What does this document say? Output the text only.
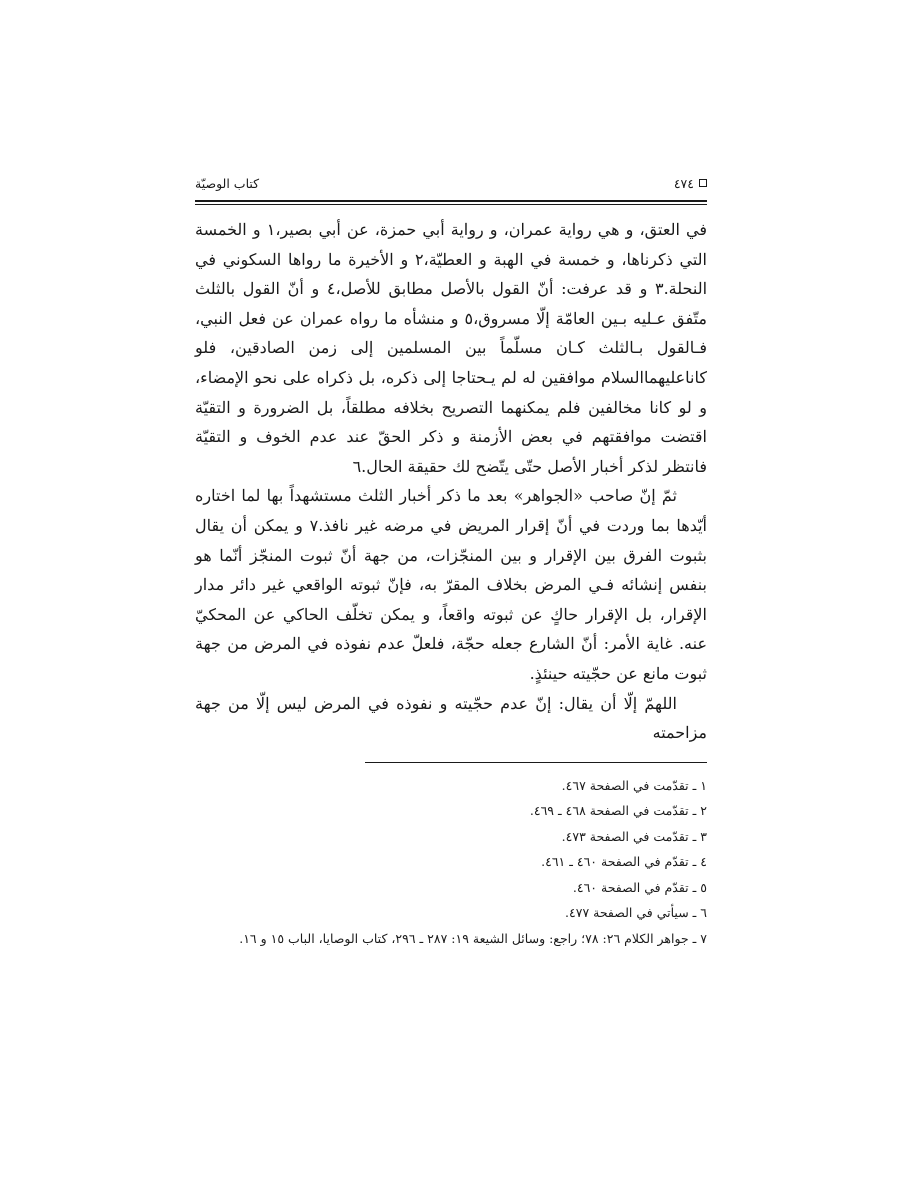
٤٧٤
كتاب الوصيّة

في العتق، و هي رواية عمران، و رواية أبي حمزة، عن أبي بصير،١ و الخمسة التي ذكرناها، و خمسة في الهبة و العطيّة،٢ و الأخيرة ما رواها السكوني في النحلة.٣ و قد عرفت: أنّ القول بالأصل مطابق للأصل،٤ و أنّ القول بالثلث متّفق عـليه بـين العامّة إلّا مسروق،٥ و منشأه ما رواه عمران عن فعل النبي، فـالقول بـالثلث كـان مسلّماً بين المسلمين إلى زمن الصادقين، فلو كاناعليهماالسلام موافقين له لم يـحتاجا إلى ذكره، بل ذكراه على نحو الإمضاء، و لو كانا مخالفين فلم يمكنهما التصريح بخلافه مطلقاً، بل الضرورة و التقيّة اقتضت موافقتهم في بعض الأزمنة و ذكر الحقّ عند عدم الخوف و التقيّة فانتظر لذكر أخبار الأصل حتّى يتّضح لك حقيقة الحال.٦

ثمّ إنّ صاحب «الجواهر» بعد ما ذكر أخبار الثلث مستشهداً بها لما اختاره أيّدها بما وردت في أنّ إقرار المريض في مرضه غير نافذ.٧ و يمكن أن يقال بثبوت الفرق بين الإقرار و بين المنجّزات، من جهة أنّ ثبوت المنجّز أنّما هو بنفس إنشائه فـي المرض بخلاف المقرّ به، فإنّ ثبوته الواقعي غير دائر مدار الإقرار، بل الإقرار حاكٍ عن ثبوته واقعاً، و يمكن تخلّف الحاكي عن المحكيّ عنه. غاية الأمر: أنّ الشارع جعله حجّة، فلعلّ عدم نفوذه في المرض من جهة ثبوت مانع عن حجّيته حينئذٍ.

اللهمّ إلّا أن يقال: إنّ عدم حجّيته و نفوذه في المرض ليس إلّا من جهة مزاحمته

١ ـ تقدّمت في الصفحة ٤٦٧.

٢ ـ تقدّمت في الصفحة ٤٦٨ ـ ٤٦٩.

٣ ـ تقدّمت في الصفحة ٤٧٣.

٤ ـ تقدّم في الصفحة ٤٦٠ ـ ٤٦١.

٥ ـ تقدّم في الصفحة ٤٦٠.

٦ ـ سيأتي في الصفحة ٤٧٧.

٧ ـ جواهر الكلام ٢٦: ٧٨؛ راجع: وسائل الشيعة ١٩: ٢٨٧ ـ ٢٩٦، كتاب الوصايا، الباب ١٥ و ١٦.
